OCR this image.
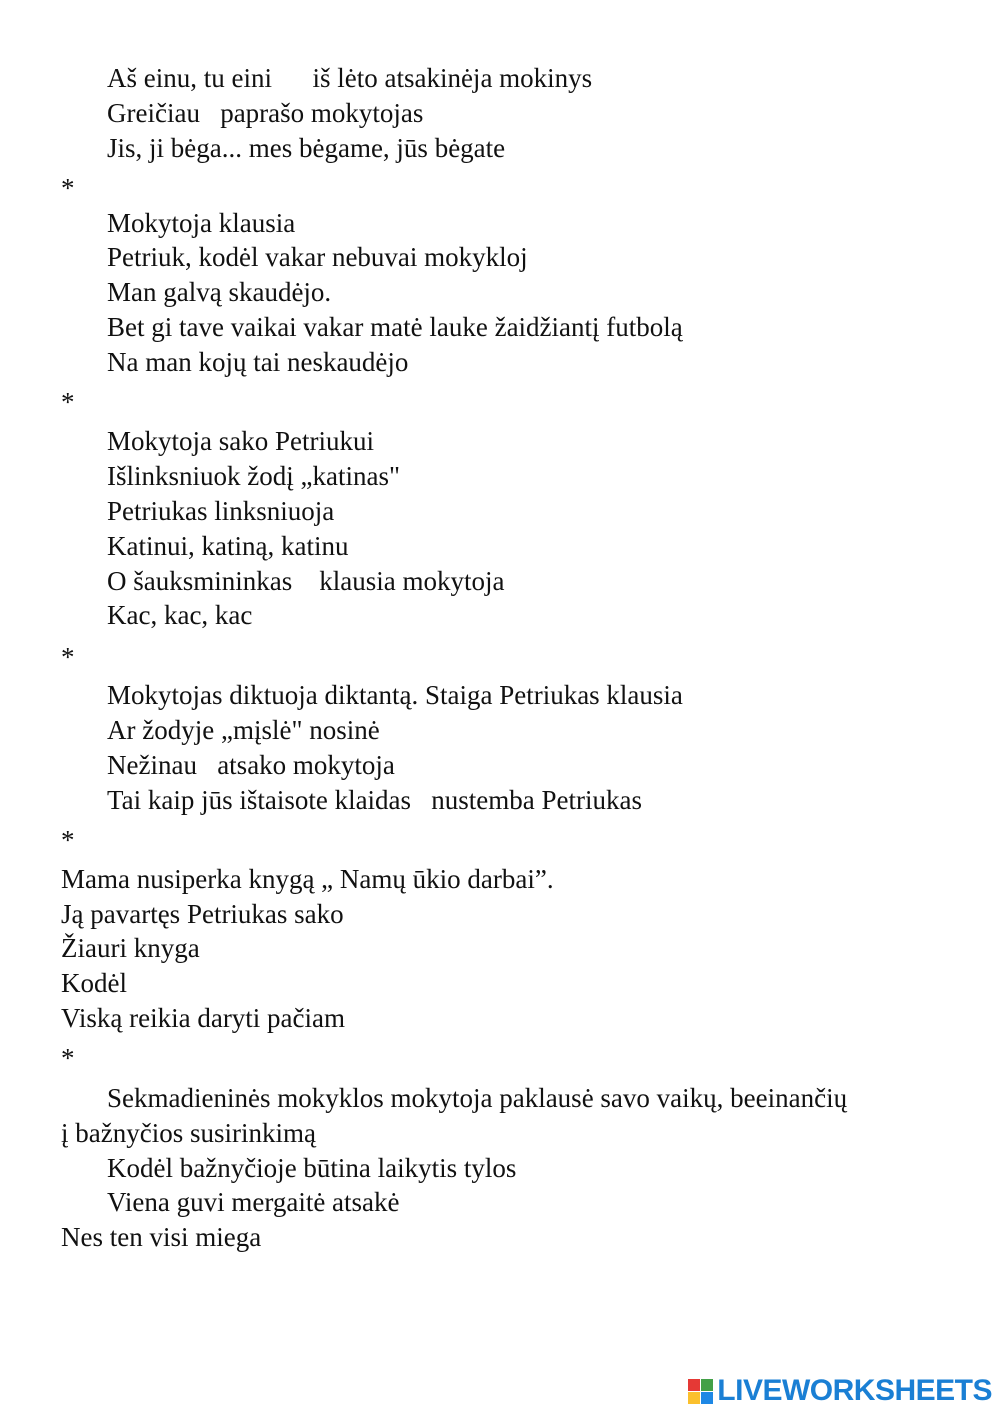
Aš einu, tu eini      iš lėto atsakinėja mokinys
Greičiau   paprašo mokytojas
Jis, ji bėga... mes bėgame, jūs bėgate
*
Mokytoja klausia
Petriuk, kodėl vakar nebuvai mokykloj
Man galvą skaudėjo.
Bet gi tave vaikai vakar matė lauke žaidžiantį futbolą
Na man kojų tai neskaudėjo
*
Mokytoja sako Petriukui
Išlinksniuok žodį „katinas"
Petriukas linksniuoja
Katinui, katiną, katinu
O šauksmininkas    klausia mokytoja
Kac, kac, kac
*
Mokytojas diktuoja diktantą. Staiga Petriukas klausia
Ar žodyje „mįslė" nosinė
Nežinau   atsako mokytoja
Tai kaip jūs ištaisote klaidas   nustemba Petriukas
*
Mama nusiperka knygą „ Namų ūkio darbai”.
Ją pavartęs Petriukas sako
Žiauri knyga
Kodėl
Viską reikia daryti pačiam
*
Sekmadieninės mokyklos mokytoja paklausė savo vaikų, beeinančių
į bažnyčios susirinkimą
Kodėl bažnyčioje būtina laikytis tylos
Viena guvi mergaitė atsakė
Nes ten visi miega
LIVEWORKSHEETS
